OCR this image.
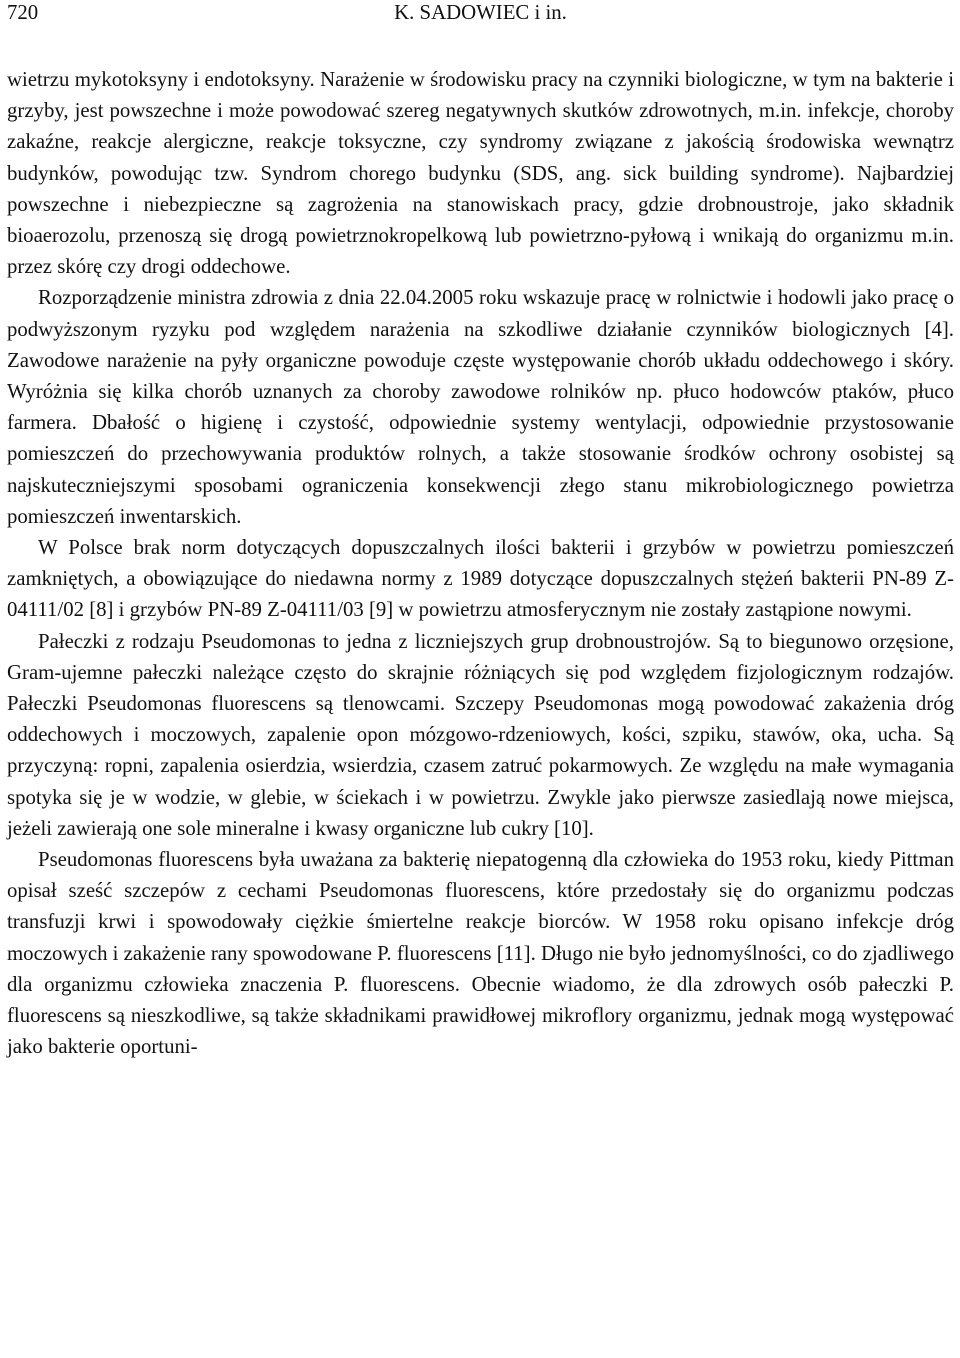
720	K. SADOWIEC i in.

wietrzu mykotoksyny i endotoksyny. Narażenie w środowisku pracy na czynniki biologiczne, w tym na bakterie i grzyby, jest powszechne i może powodować szereg negatywnych skutków zdrowotnych, m.in. infekcje, choroby zakaźne, reakcje alergiczne, reakcje toksyczne, czy syndromy związane z jakością środowiska wewnątrz budynków, powodując tzw. Syndrom chorego budynku (SDS, ang. sick building syndrome). Najbardziej powszechne i niebezpieczne są zagrożenia na stanowiskach pracy, gdzie drobnoustroje, jako składnik bioaerozolu, przenoszą się drogą powietrznokropelkową lub powietrzno-pyłową i wnikają do organizmu m.in. przez skórę czy drogi oddechowe.

Rozporządzenie ministra zdrowia z dnia 22.04.2005 roku wskazuje pracę w rolnictwie i hodowli jako pracę o podwyższonym ryzyku pod względem narażenia na szkodliwe działanie czynników biologicznych [4]. Zawodowe narażenie na pyły organiczne powoduje częste występowanie chorób układu oddechowego i skóry. Wyróżnia się kilka chorób uznanych za choroby zawodowe rolników np. płuco hodowców ptaków, płuco farmera. Dbałość o higienę i czystość, odpowiednie systemy wentylacji, odpowiednie przystosowanie pomieszczeń do przechowywania produktów rolnych, a także stosowanie środków ochrony osobistej są najskuteczniejszymi sposobami ograniczenia konsekwencji złego stanu mikrobiologicznego powietrza pomieszczeń inwentarskich.

W Polsce brak norm dotyczących dopuszczalnych ilości bakterii i grzybów w powietrzu pomieszczeń zamkniętych, a obowiązujące do niedawna normy z 1989 dotyczące dopuszczalnych stężeń bakterii PN-89 Z-04111/02 [8] i grzybów PN-89 Z-04111/03 [9] w powietrzu atmosferycznym nie zostały zastąpione nowymi.

Pałeczki z rodzaju Pseudomonas to jedna z liczniejszych grup drobnoustrojów. Są to biegunowo orzęsione, Gram-ujemne pałeczki należące często do skrajnie różniących się pod względem fizjologicznym rodzajów. Pałeczki Pseudomonas fluorescens są tlenowcami. Szczepy Pseudomonas mogą powodować zakażenia dróg oddechowych i moczowych, zapalenie opon mózgowo-rdzeniowych, kości, szpiku, stawów, oka, ucha. Są przyczyną: ropni, zapalenia osierdzia, wsierdzia, czasem zatruć pokarmowych. Ze względu na małe wymagania spotyka się je w wodzie, w glebie, w ściekach i w powietrzu. Zwykle jako pierwsze zasiedlają nowe miejsca, jeżeli zawierają one sole mineralne i kwasy organiczne lub cukry [10].

Pseudomonas fluorescens była uważana za bakterię niepatogenną dla człowieka do 1953 roku, kiedy Pittman opisał sześć szczepów z cechami Pseudomonas fluorescens, które przedostały się do organizmu podczas transfuzji krwi i spowodowały ciężkie śmiertelne reakcje biorców. W 1958 roku opisano infekcje dróg moczowych i zakażenie rany spowodowane P. fluorescens [11]. Długo nie było jednomyślności, co do zjadliwego dla organizmu człowieka znaczenia P. fluorescens. Obecnie wiadomo, że dla zdrowych osób pałeczki P. fluorescens są nieszkodliwe, są także składnikami prawidłowej mikroflory organizmu, jednak mogą występować jako bakterie oportuni-
